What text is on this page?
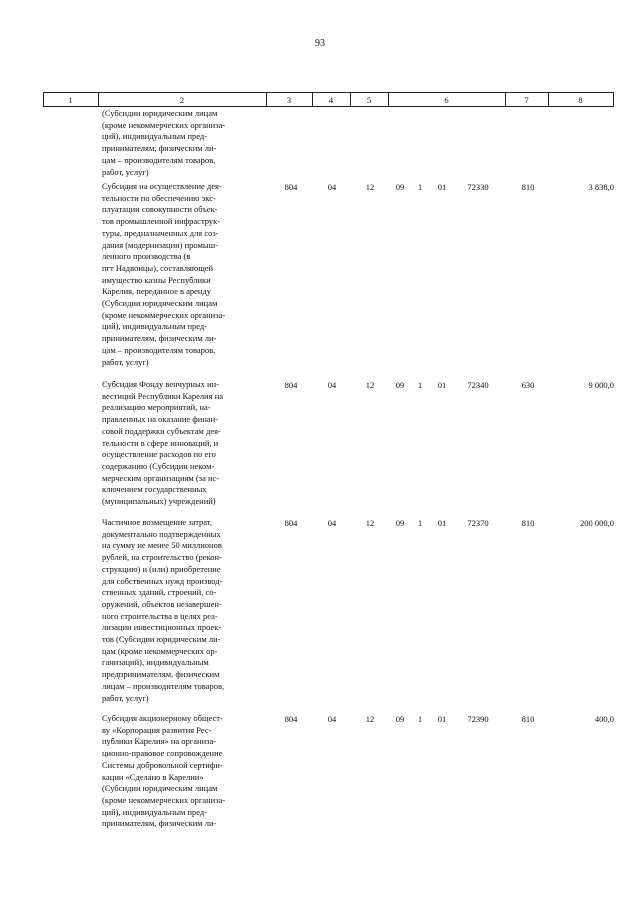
93
1	2	3	4	5	6	7	8
(Субсидии юридическим лицам
(кроме некоммерческих организа-
ций), индивидуальным пред-
принимателям, физическим ли-
цам – производителям товаров,
работ, услуг)
Субсидия на осуществление дея-
тельности по обеспечению экс-
плуатации совокупности объек-
тов промышленной инфраструк-
туры, предназначенных для соз-
дания (модернизации) промыш-
ленного производства (в
пгт Надвоицы), составляющей
имущество казны Республики
Карелия, переданное в аренду
(Субсидии юридическим лицам
(кроме некоммерческих организа-
ций), индивидуальным пред-
принимателям, физическим ли-
цам – производителям товаров,
работ, услуг)
804	04	12	09	1	01	72330	810	3 838,0
Субсидия Фонду венчурных ин-
вестиций Республики Карелия на
реализацию мероприятий, на-
правленных на оказание финан-
совой поддержки субъектам дея-
тельности в сфере инноваций, и
осуществление расходов по его
содержанию (Субсидии неком-
мерческим организациям (за ис-
ключением государственных
(муниципальных) учреждений)
804	04	12	09	1	01	72340	630	9 000,0
Частичное возмещение затрат,
документально подтвержденных
на сумму не менее 50 миллионов
рублей, на строительство (рекон-
струкцию) и (или) приобретение
для собственных нужд производ-
ственных зданий, строений, со-
оружений, объектов незавершен-
ного строительства в целях реа-
лизации инвестиционных проек-
тов (Субсидии юридическим ли-
цам (кроме некоммерческих ор-
ганизаций), индивидуальным
предпринимателям, физическим
лицам – производителям товаров,
работ, услуг)
804	04	12	09	1	01	72370	810	200 000,0
Субсидия акционерному общест-
ву «Корпорация развития Рес-
публики Карелия» на организа-
ционно-правовое сопровождение
Системы добровольной сертифи-
кации «Сделано в Карелии»
(Субсидии юридическим лицам
(кроме некоммерческих организа-
ций), индивидуальным пред-
принимателям, физическим ли-
804	04	12	09	1	01	72390	810	400,0
